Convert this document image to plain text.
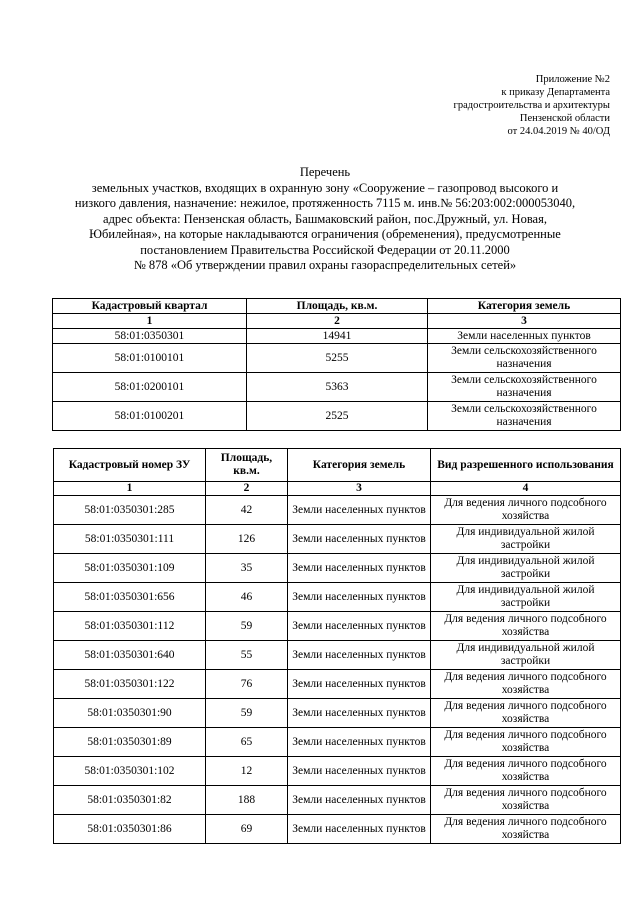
Приложение №2
к приказу Департамента
градостроительства и архитектуры
Пензенской области
от 24.04.2019 № 40/ОД
Перечень
земельных участков, входящих в охранную зону «Сооружение – газопровод высокого и
низкого давления, назначение: нежилое, протяженность 7115 м. инв.№ 56:203:002:000053040,
адрес объекта: Пензенская область, Башмаковский район, пос.Дружный, ул. Новая,
Юбилейная», на которые накладываются ограничения (обременения), предусмотренные
постановлением Правительства Российской Федерации от 20.11.2000
№ 878 «Об утверждении правил охраны газораспределительных сетей»
Кадастровый квартал	Площадь, кв.м.	Категория земель
1	2	3
58:01:0350301	14941	Земли населенных пунктов
58:01:0100101	5255	Земли сельскохозяйственного назначения
58:01:0200101	5363	Земли сельскохозяйственного назначения
58:01:0100201	2525	Земли сельскохозяйственного назначения
Кадастровый номер ЗУ	Площадь, кв.м.	Категория земель	Вид разрешенного использования
1	2	3	4
58:01:0350301:285	42	Земли населенных пунктов	Для ведения личного подсобного хозяйства
58:01:0350301:111	126	Земли населенных пунктов	Для индивидуальной жилой застройки
58:01:0350301:109	35	Земли населенных пунктов	Для индивидуальной жилой застройки
58:01:0350301:656	46	Земли населенных пунктов	Для индивидуальной жилой застройки
58:01:0350301:112	59	Земли населенных пунктов	Для ведения личного подсобного хозяйства
58:01:0350301:640	55	Земли населенных пунктов	Для индивидуальной жилой застройки
58:01:0350301:122	76	Земли населенных пунктов	Для ведения личного подсобного хозяйства
58:01:0350301:90	59	Земли населенных пунктов	Для ведения личного подсобного хозяйства
58:01:0350301:89	65	Земли населенных пунктов	Для ведения личного подсобного хозяйства
58:01:0350301:102	12	Земли населенных пунктов	Для ведения личного подсобного хозяйства
58:01:0350301:82	188	Земли населенных пунктов	Для ведения личного подсобного хозяйства
58:01:0350301:86	69	Земли населенных пунктов	Для ведения личного подсобного хозяйства
